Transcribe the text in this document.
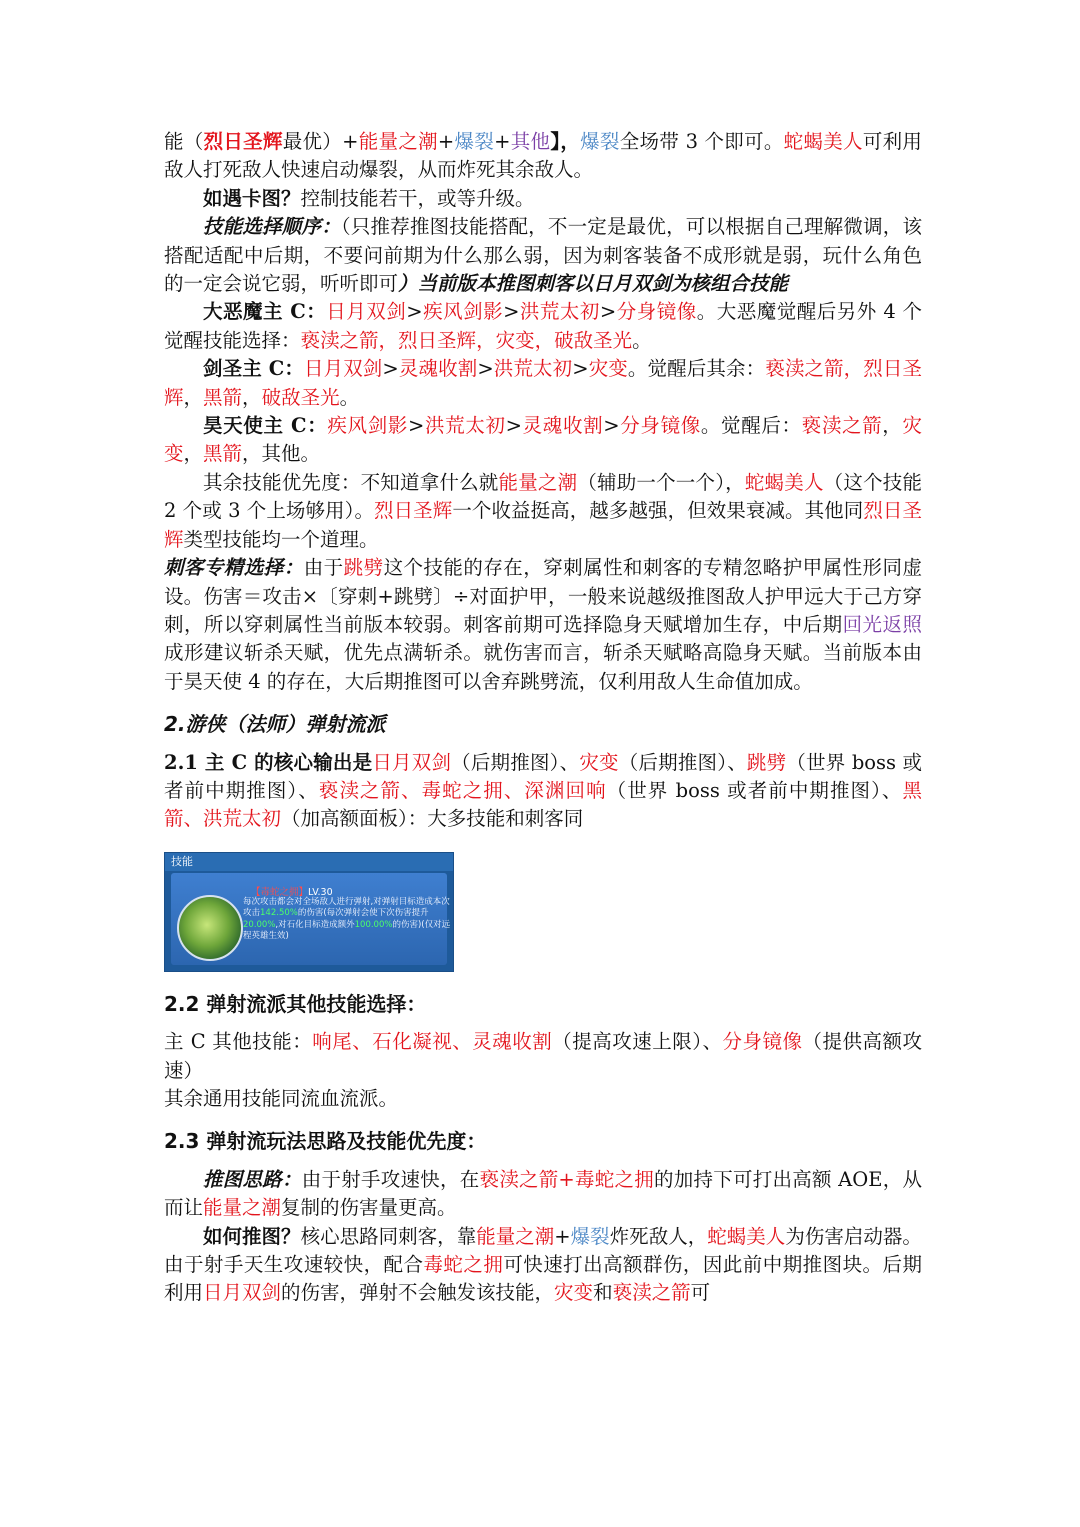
能（烈日圣辉最优）+能量之潮+爆裂+其他】，爆裂全场带 3 个即可。蛇蝎美人可利用敌人打死敌人快速启动爆裂，从而炸死其余敌人。

如遇卡图？控制技能若干，或等升级。

技能选择顺序：（只推荐推图技能搭配，不一定是最优，可以根据自己理解微调，该搭配适配中后期，不要问前期为什么那么弱，因为刺客装备不成形就是弱，玩什么角色的一定会说它弱，听听即可）当前版本推图刺客以日月双剑为核组合技能

大恶魔主 C：日月双剑>疾风剑影>洪荒太初>分身镜像。大恶魔觉醒后另外 4 个觉醒技能选择：亵渎之箭，烈日圣辉，灾变，破敌圣光。

剑圣主 C：日月双剑>灵魂收割>洪荒太初>灾变。觉醒后其余：亵渎之箭，烈日圣辉，黑箭，破敌圣光。

昊天使主 C：疾风剑影>洪荒太初>灵魂收割>分身镜像。觉醒后：亵渎之箭，灾变，黑箭，其他。

其余技能优先度：不知道拿什么就能量之潮（辅助一个一个），蛇蝎美人（这个技能 2 个或 3 个上场够用）。烈日圣辉一个收益挺高，越多越强，但效果衰减。其他同烈日圣辉类型技能均一个道理。

刺客专精选择：由于跳劈这个技能的存在，穿刺属性和刺客的专精忽略护甲属性形同虚设。伤害＝攻击×〔穿刺+跳劈〕÷对面护甲，一般来说越级推图敌人护甲远大于己方穿刺，所以穿刺属性当前版本较弱。刺客前期可选择隐身天赋增加生存，中后期回光返照成形建议斩杀天赋，优先点满斩杀。就伤害而言，斩杀天赋略高隐身天赋。当前版本由于昊天使 4 的存在，大后期推图可以舍弃跳劈流，仅利用敌人生命值加成。

2.游侠（法师）弹射流派

2.1 主 C 的核心输出是日月双剑（后期推图）、灾变（后期推图）、跳劈（世界 boss 或者前中期推图）、亵渎之箭、毒蛇之拥、深渊回响（世界 boss 或者前中期推图）、黑箭、洪荒太初（加高额面板）：大多技能和刺客同

技能
【毒蛇之拥】LV.30
每次攻击都会对全场敌人进行弹射,对弹射目标造成本次攻击142.50%的伤害(每次弹射会使下次伤害提升20.00%,对石化目标造成额外100.00%的伤害)(仅对远程英雄生效)

2.2 弹射流派其他技能选择：

主 C 其他技能：响尾、石化凝视、灵魂收割（提高攻速上限）、分身镜像（提供高额攻速）

其余通用技能同流血流派。

2.3 弹射流玩法思路及技能优先度：

推图思路：由于射手攻速快，在亵渎之箭+毒蛇之拥的加持下可打出高额 AOE，从而让能量之潮复制的伤害量更高。

如何推图？核心思路同刺客，靠能量之潮+爆裂炸死敌人，蛇蝎美人为伤害启动器。由于射手天生攻速较快，配合毒蛇之拥可快速打出高额群伤，因此前中期推图块。后期利用日月双剑的伤害，弹射不会触发该技能，灾变和亵渎之箭可
